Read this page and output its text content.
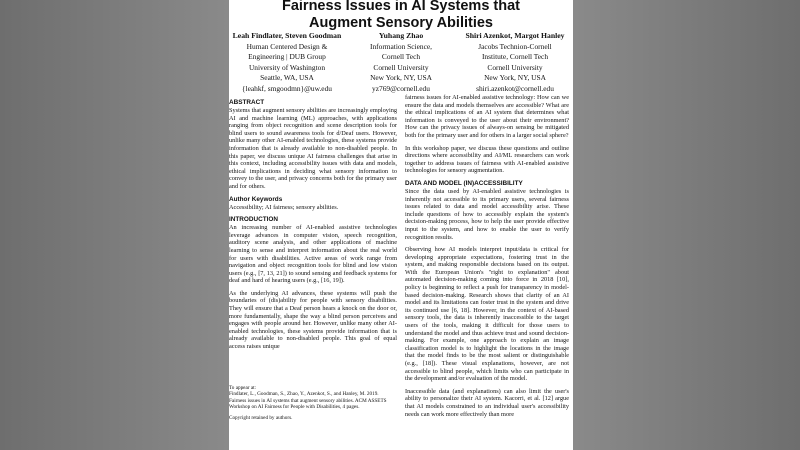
Fairness Issues in AI Systems that
Augment Sensory Abilities
Leah Findlater, Steven Goodman
Human Centered Design &
Engineering | DUB Group
University of Washington
Seattle, WA, USA
{leahkf, smgoodmn}@uw.edu
Yuhang Zhao
Information Science,
Cornell Tech
Cornell University
New York, NY, USA
yz769@cornell.edu
Shiri Azenkot, Margot Hanley
Jacobs Technion-Cornell
Institute, Cornell Tech
Cornell University
New York, NY, USA
shiri.azenkot@cornell.edu
ABSTRACT

Systems that augment sensory abilities are increasingly employing AI and machine learning (ML) approaches, with applications ranging from object recognition and scene description tools for blind users to sound awareness tools for d/Deaf users. However, unlike many other AI-enabled technologies, these systems provide information that is already available to non-disabled people. In this paper, we discuss unique AI fairness challenges that arise in this context, including accessibility issues with data and models, ethical implications in deciding what sensory information to convey to the user, and privacy concerns both for the primary user and for others.

Author Keywords

Accessibility; AI fairness; sensory abilities.

INTRODUCTION

An increasing number of AI-enabled assistive technologies leverage advances in computer vision, speech recognition, auditory scene analysis, and other applications of machine learning to sense and interpret information about the real world for users with disabilities. Active areas of work range from navigation and object recognition tools for blind and low vision users (e.g., [7, 13, 21]) to sound sensing and feedback systems for deaf and hard of hearing users (e.g., [16, 19]).

As the underlying AI advances, these systems will push the boundaries of (dis)ability for people with sensory disabilities. They will ensure that a Deaf person hears a knock on the door or, more fundamentally, shape the way a blind person perceives and engages with people around her. However, unlike many other AI-enabled technologies, these systems provide information that is already available to non-disabled people. This goal of equal access raises unique

To appear at:
Findlater, L., Goodman, S., Zhao, Y., Azenkot, S., and Hanley, M. 2019. Fairness issues in AI systems that augment sensory abilities. ACM ASSETS Workshop on AI Fairness for People with Disabilities, 4 pages.
Copyright retained by authors.

fairness issues for AI-enabled assistive technology: How can we ensure the data and models themselves are accessible? What are the ethical implications of an AI system that determines what information is conveyed to the user about their environment? How can the privacy issues of always-on sensing be mitigated both for the primary user and for others in a larger social sphere?

In this workshop paper, we discuss these questions and outline directions where accessibility and AI/ML researchers can work together to address issues of fairness with AI-enabled assistive technologies for sensory augmentation.

DATA AND MODEL (IN)ACCESSIBILITY

Since the data used by AI-enabled assistive technologies is inherently not accessible to its primary users, several fairness issues related to data and model accessibility arise. These include questions of how to accessibly explain the system's decision-making process, how to help the user provide effective input to the system, and how to enable the user to verify recognition results.

Observing how AI models interpret input/data is critical for developing appropriate expectations, fostering trust in the system, and making responsible decisions based on its output. With the European Union's "right to explanation" about automated decision-making coming into force in 2018 [10], policy is beginning to reflect a push for transparency in model-based decision-making. Research shows that clarity of an AI model and its limitations can foster trust in the system and drive its continued use [6, 18]. However, in the context of AI-based sensory tools, the data is inherently inaccessible to the target users of the tools, making it difficult for those users to understand the model and thus achieve trust and sound decision-making. For example, one approach to explain an image classification model is to highlight the locations in the image that the model finds to be the most salient or distinguishable (e.g., [18]). These visual explanations, however, are not accessible to blind people, which limits who can participate in the development and/or evaluation of the model.

Inaccessible data (and explanations) can also limit the user's ability to personalize their AI system. Kacorri, et al. [12] argue that AI models constrained to an individual user's accessibility needs can work more effectively than more
